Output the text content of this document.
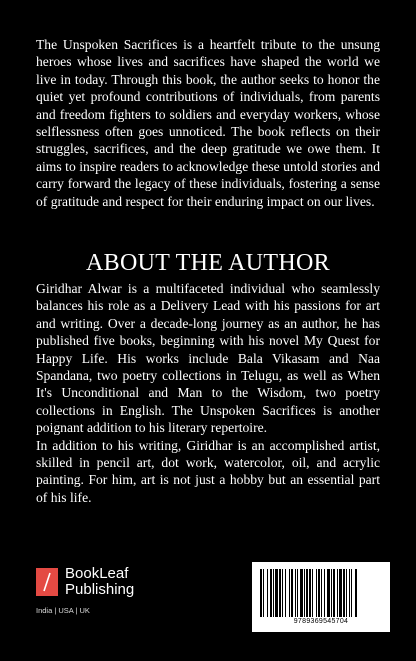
The Unspoken Sacrifices is a heartfelt tribute to the unsung heroes whose lives and sacrifices have shaped the world we live in today. Through this book, the author seeks to honor the quiet yet profound contributions of individuals, from parents and freedom fighters to soldiers and everyday workers, whose selflessness often goes unnoticed. The book reflects on their struggles, sacrifices, and the deep gratitude we owe them. It aims to inspire readers to acknowledge these untold stories and carry forward the legacy of these individuals, fostering a sense of gratitude and respect for their enduring impact on our lives.

ABOUT THE AUTHOR

Giridhar Alwar is a multifaceted individual who seamlessly balances his role as a Delivery Lead with his passions for art and writing. Over a decade-long journey as an author, he has published five books, beginning with his novel My Quest for Happy Life. His works include Bala Vikasam and Naa Spandana, two poetry collections in Telugu, as well as When It's Unconditional and Man to the Wisdom, two poetry collections in English. The Unspoken Sacrifices is another poignant addition to his literary repertoire.

In addition to his writing, Giridhar is an accomplished artist, skilled in pencil art, dot work, watercolor, oil, and acrylic painting. For him, art is not just a hobby but an essential part of his life.

BookLeaf
Publishing
India | USA | UK
9789369545704
